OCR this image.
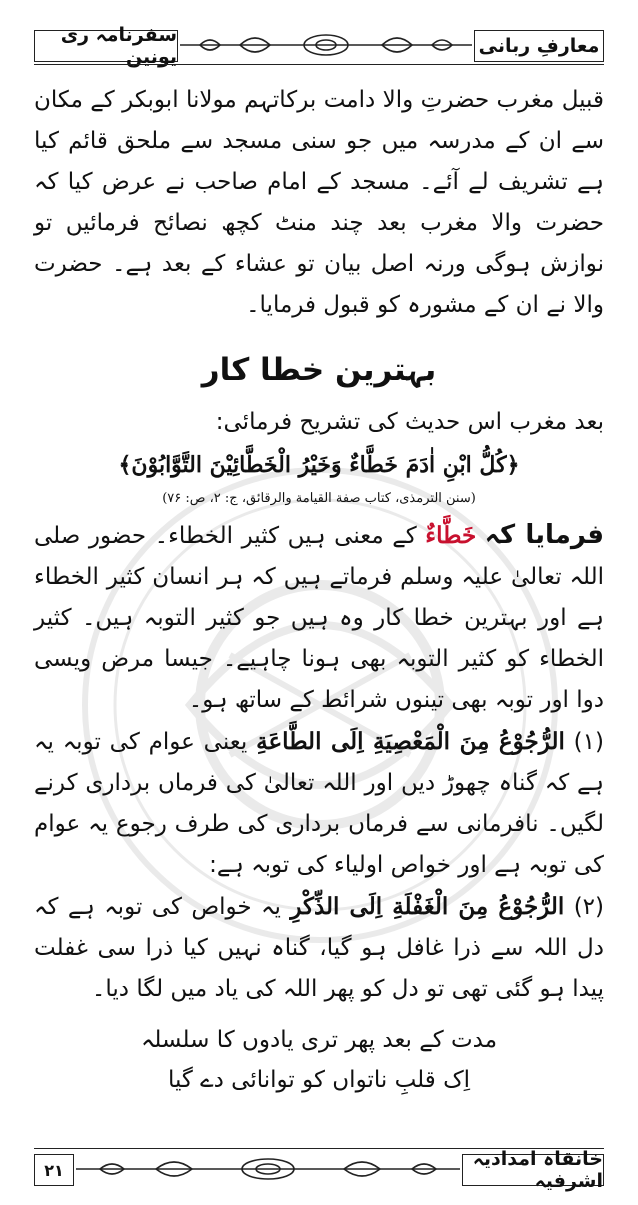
معارفِ ربانی
سفرنامہ ری یونین

قبیل مغرب حضرتِ والا دامت برکاتہم مولانا ابوبکر کے مکان سے ان کے مدرسہ میں جو سنی مسجد سے ملحق قائم کیا ہے تشریف لے آئے۔ مسجد کے امام صاحب نے عرض کیا کہ حضرت والا مغرب بعد چند منٹ کچھ نصائح فرمائیں تو نوازش ہوگی ورنہ اصل بیان تو عشاء کے بعد ہے۔ حضرت والا نے ان کے مشورہ کو قبول فرمایا۔

بہترین خطا کار

بعد مغرب اس حدیث کی تشریح فرمائی:

﴿كُلُّ ابْنِ اٰدَمَ خَطَّاءٌ وَخَيْرُ الْخَطَّائِيْنَ التَّوَّابُوْنَ﴾

(سنن الترمذی، کتاب صفة القیامة والرقائق، ج: ۲، ص: ۷۶)

فرمایا کہ خَطَّاءٌ کے معنی ہیں کثیر الخطاء۔ حضور صلی اللہ تعالیٰ علیہ وسلم فرماتے ہیں کہ ہر انسان کثیر الخطاء ہے اور بہترین خطا کار وہ ہیں جو کثیر التوبہ ہیں۔ کثیر الخطاء کو کثیر التوبہ بھی ہونا چاہیے۔ جیسا مرض ویسی دوا اور توبہ بھی تینوں شرائط کے ساتھ ہو۔

(۱) الرُّجُوْعُ مِنَ الْمَعْصِيَةِ اِلَى الطَّاعَةِ یعنی عوام کی توبہ یہ ہے کہ گناہ چھوڑ دیں اور اللہ تعالیٰ کی فرماں برداری کرنے لگیں۔ نافرمانی سے فرماں برداری کی طرف رجوع یہ عوام کی توبہ ہے اور خواص اولیاء کی توبہ ہے:

(۲) الرُّجُوْعُ مِنَ الْغَفْلَةِ اِلَى الذِّكْرِ یہ خواص کی توبہ ہے کہ دل اللہ سے ذرا غافل ہو گیا، گناہ نہیں کیا ذرا سی غفلت پیدا ہو گئی تھی تو دل کو پھر اللہ کی یاد میں لگا دیا۔

مدت کے بعد پھر تری یادوں کا سلسلہ

اِک قلبِ ناتواں کو توانائی دے گیا

خانقاہ امدادیہ اشرفیہ
۲۱
